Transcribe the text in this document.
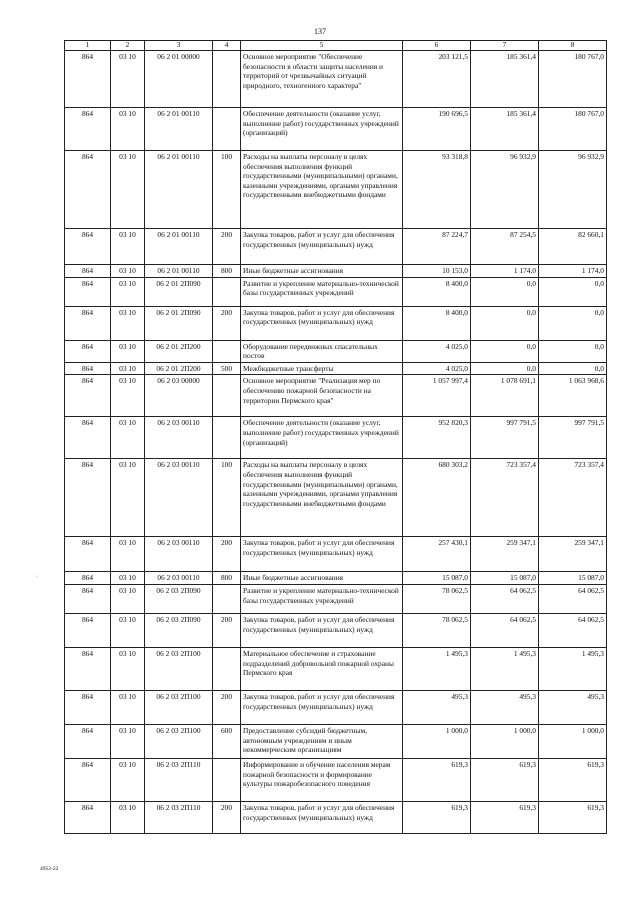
137
1	2	3	4	5	6	7	8
864	03 10	06 2 01 00000		Основное мероприятие "Обеспечение безопасности в области защиты населения и территорий от чрезвычайных ситуаций природного, техногенного характера"	203 121,5	185 361,4	180 767,0
864	03 10	06 2 01 00110		Обеспечение деятельности (оказание услуг, выполнение работ) государственных учреждений (организаций)	190 696,5	185 361,4	180 767,0
864	03 10	06 2 01 00110	100	Расходы на выплаты персоналу в целях обеспечения выполнения функций государственными (муниципальными) органами, казенными учреждениями, органами управления государственными внебюджетными фондами	93 318,8	96 932,9	96 932,9
864	03 10	06 2 01 00110	200	Закупка товаров, работ и услуг для обеспечения государственных (муниципальных) нужд	87 224,7	87 254,5	82 660,1
864	03 10	06 2 01 00110	800	Иные бюджетные ассигнования	10 153,0	1 174,0	1 174,0
864	03 10	06 2 01 2П090		Развитие и укрепление материально-технической базы государственных учреждений	8 400,0	0,0	0,0
864	03 10	06 2 01 2П090	200	Закупка товаров, работ и услуг для обеспечения государственных (муниципальных) нужд	8 400,0	0,0	0,0
864	03 10	06 2 01 2П200		Оборудование передвижных спасательных постов	4 025,0	0,0	0,0
864	03 10	06 2 01 2П200	500	Межбюджетные трансферты	4 025,0	0,0	0,0
864	03 10	06 2 03 00000		Основное мероприятие "Реализация мер по обеспечению пожарной безопасности на территории Пермского края"	1 057 997,4	1 078 691,1	1 063 968,6
864	03 10	06 2 03 00110		Обеспечение деятельности (оказание услуг, выполнение работ) государственных учреждений (организаций)	952 820,3	997 791,5	997 791,5
864	03 10	06 2 03 00110	100	Расходы на выплаты персоналу в целях обеспечения выполнения функций государственными (муниципальными) органами, казенными учреждениями, органами управления государственными внебюджетными фондами	680 303,2	723 357,4	723 357,4
864	03 10	06 2 03 00110	200	Закупка товаров, работ и услуг для обеспечения государственных (муниципальных) нужд	257 430,1	259 347,1	259 347,1
864	03 10	06 2 03 00110	800	Иные бюджетные ассигнования	15 087,0	15 087,0	15 087,0
864	03 10	06 2 03 2П090		Развитие и укрепление материально-технической базы государственных учреждений	78 062,5	64 062,5	64 062,5
864	03 10	06 2 03 2П090	200	Закупка товаров, работ и услуг для обеспечения государственных (муниципальных) нужд	78 062,5	64 062,5	64 062,5
864	03 10	06 2 03 2П100		Материальное обеспечение и страхование подразделений добровольной пожарной охраны Пермского края	1 495,3	1 495,3	1 495,3
864	03 10	06 2 03 2П100	200	Закупка товаров, работ и услуг для обеспечения государственных (муниципальных) нужд	495,3	495,3	495,3
864	03 10	06 2 03 2П100	600	Предоставление субсидий бюджетным, автономным учреждениям и иным некоммерческим организациям	1 000,0	1 000,0	1 000,0
864	03 10	06 2 03 2П110		Информирование и обучение населения мерам пожарной безопасности и формирование культуры пожаробезопасного поведения	619,3	619,3	619,3
864	03 10	06 2 03 2П110	200	Закупка товаров, работ и услуг для обеспечения государственных (муниципальных) нужд	619,3	619,3	619,3
·
4952-22
